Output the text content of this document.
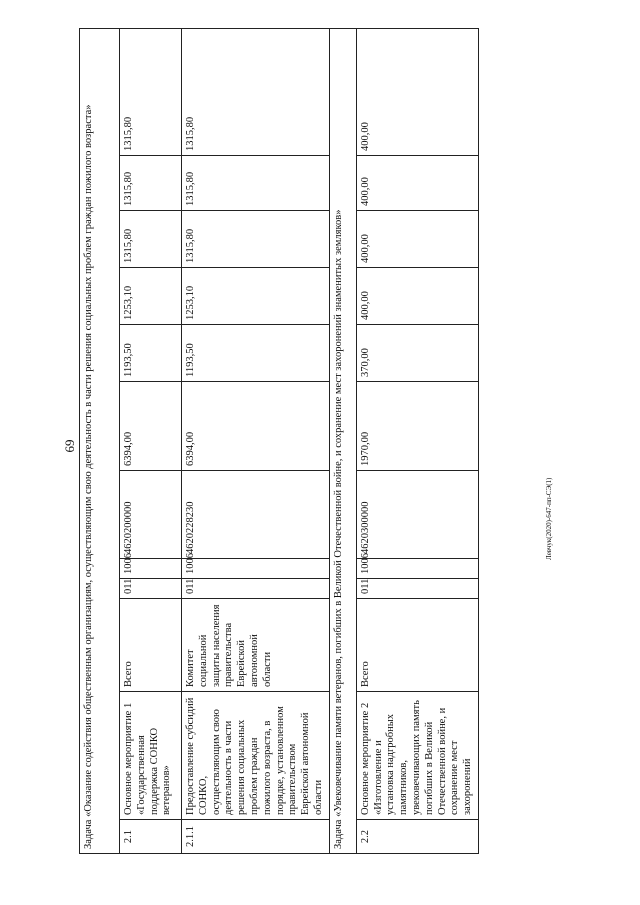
69
Левчук(2020)-647-пп-СЭ(1)
Задача «Оказание содействия общественным организациям, осуществляющим свою деятельность в части решения социальных проблем граждан пожилого возраста»											
2.1	Основное мероприятие 1 «Государственная поддержка СОНКО ветеранов»	Всего	011	1006	4620200000	6394,00	1193,50	1253,10	1315,80	1315,80	1315,80
2.1.1	Предоставление субсидий СОНКО, осуществляющим свою деятельность в части решения социальных проблем граждан пожилого возраста, в порядке, установленном правительством Еврейской автономной области	Комитет социальной защиты населения правительства Еврейской автономной области	011	1006	4620228230	6394,00	1193,50	1253,10	1315,80	1315,80	1315,80
Задача «Увековечивание памяти ветеранов, погибших в Великой Отечественной войне, и сохранение мест захоронений знаменитых земляков»											
2.2	Основное мероприятие 2 «Изготовление и установка надгробных памятников, увековечивающих память погибших в Великой Отечественной войне, и сохранение мест захоронений	Всего	011	1006	4620300000	1970,00	370,00	400,00	400,00	400,00	400,00
